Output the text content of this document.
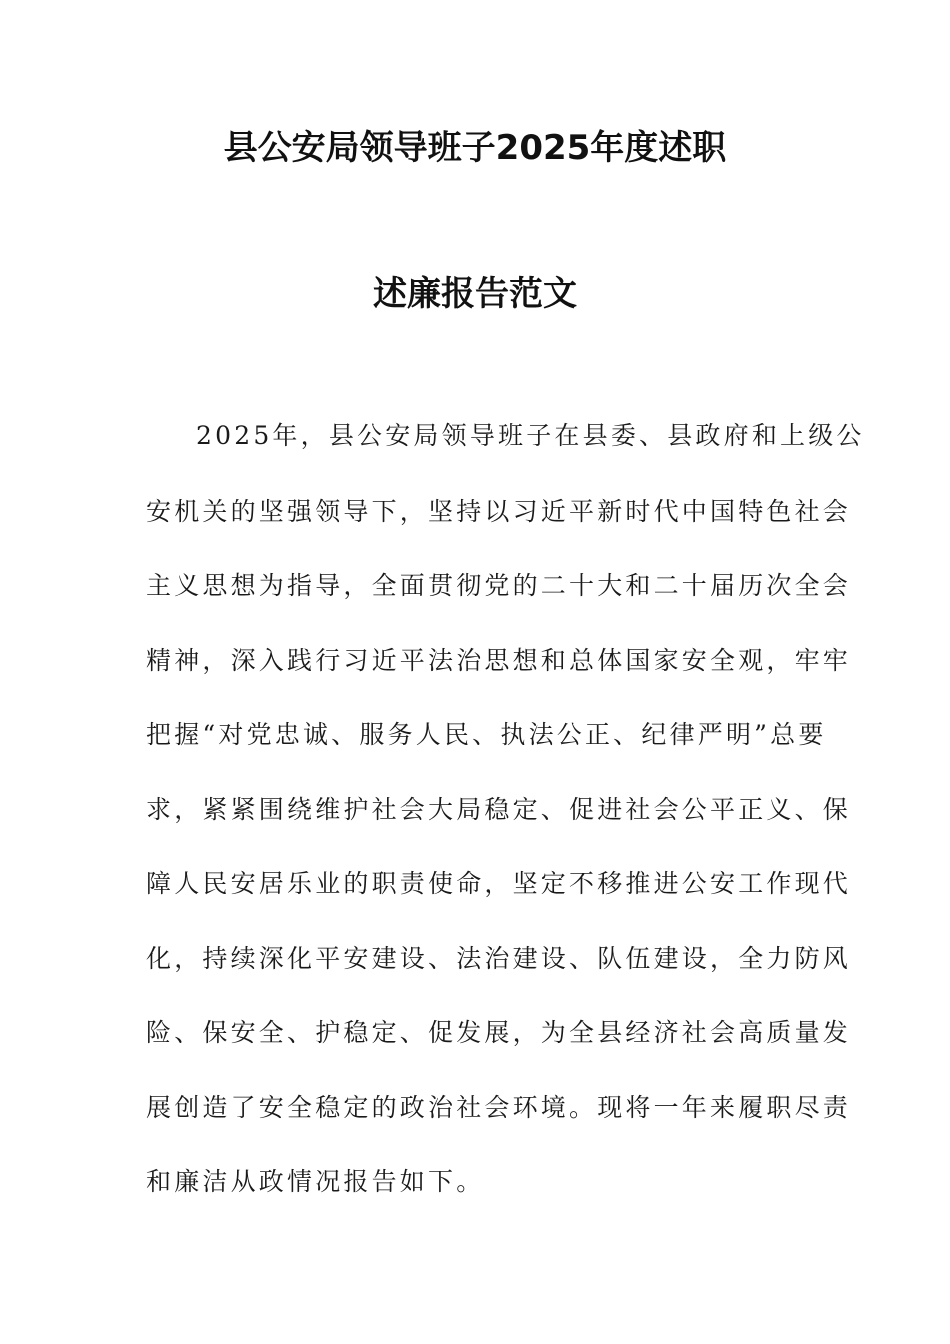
县公安局领导班子2025年度述职
述廉报告范文
2025年，县公安局领导班子在县委、县政府和上级公
安机关的坚强领导下，坚持以习近平新时代中国特色社会
主义思想为指导，全面贯彻党的二十大和二十届历次全会
精神，深入践行习近平法治思想和总体国家安全观，牢牢
把握“对党忠诚、服务人民、执法公正、纪律严明”总要
求，紧紧围绕维护社会大局稳定、促进社会公平正义、保
障人民安居乐业的职责使命，坚定不移推进公安工作现代
化，持续深化平安建设、法治建设、队伍建设，全力防风
险、保安全、护稳定、促发展，为全县经济社会高质量发
展创造了安全稳定的政治社会环境。现将一年来履职尽责
和廉洁从政情况报告如下。
